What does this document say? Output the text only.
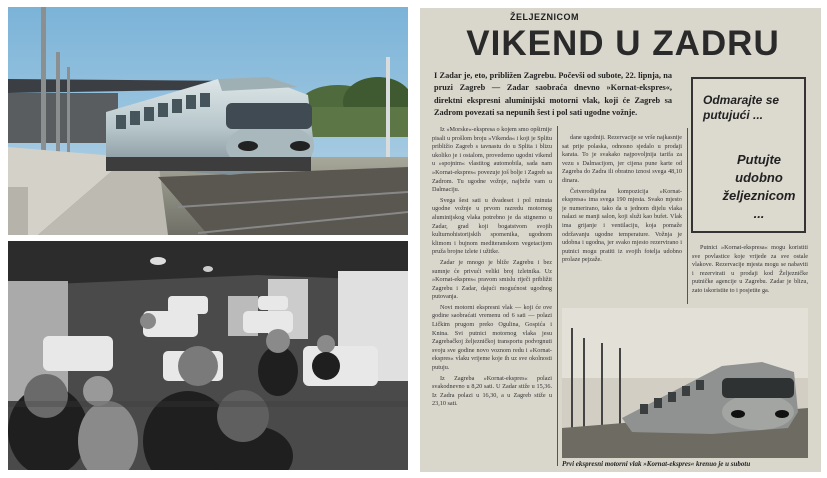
ŽELJEZNICOM
VIKEND U ZADRU
I Zadar je, eto, približen Zagrebu. Počevši od subote, 22. lipnja, na pruzi Zagreb — Zadar saobraća dnevno »Kornat-ekspres«, direktni ekspresni aluminijski motorni vlak, koji će Zagreb sa Zadrom povezati sa nepunih šest i pol sati ugodne vožnje.
Odmarajte se putujući ...
Putujte udobno željeznicom ...

Iz »Morske«-ekspresa o kojem smo opširnije pisali u prošlom broju »Vikenda« i koji je Splitu približio Zagreb s tavnastu do u Splita i blizu ukoliko je i ostalom, provedemo ugodni vikend u »spojnim« vlastitog automobila, sada nam »Kornat-ekspres« povezuje još bolje i Zagreb sa Zadrom. Tu ugodne vožnje, najbrže vam u Dalmaciju.

Svega šest sati u dvadeset i pol minuta ugodne vožnje u prvom razredu motornog aluminijskog vlaka potrebno je da stignemo u Zadar, grad koji bogatstvom svojih kulturnohistorijskih spomenika, ugodnom klimom i bujnom mediteranskom vegetacijom pruža brojne izlete i užitke.

Zadar je mnogo je bliže Zagrebu i bez sumnje će privući veliki broj izletnika. Uz »Kornat-ekspres« pravom smislu riječi približit Zagrebu i Zadar, dajući mogućnost ugodnog putovanja.

Novi motorni ekspresni vlak — koji će ove godine saobraćati vremenu od 6 sati — polazi Ličkim prugom preko Ogulina, Gospića i Knina. Svi putnici motornog vlaka jesu Zagrebačkoj željezničkoj transportu podvrgnuti svoju sve godine novo voznom redu i »Kornat-ekspres« vlaku vrijeme koje ih uz sve okolnosti putuju.

Iz Zagreba »Kornat-ekspres« polazi svakodnevno u 8,20 sati. U Zadar stiže u 15,36. Iz Zadra polazi u 16,30, a u Zagreb stiže u 23,10 sati.

dane ugodniji. Rezervacije se vrše najkasnije sat prije polaska, odnosno sjedalo u prodaji karata. To je svakako najpovoljnija tarifa za vezu s Dalmacijom, jer cijena pune karte od Zagreba do Zadra ili obratno iznosi svega 48,10 dinara.

Četverodijelna kompozicija »Kornat-ekspresa« ima svega 190 mjesta. Svako mjesto je numerirano, tako da u jednom dijelu vlaka nalazi se manji salon, koji služi kao bufet. Vlak ima grijanje i ventilaciju, koja pomaže održavanju ugodne temperature. Vožnja je udobna i ugodna, jer svako mjesto rezervirano i putnici mogu pratiti iz svojih fotelja udobno prolaze pejzaže.

Putnici »Kornat-ekspresa« mogu koristiti sve povlastice koje vrijede za sve ostale vlakove. Rezervacije mjesta mogu se nabaviti i rezervirati u prodaji kod Željezničke putničke agencije u Zagrebu. Zadar je blizu, zato iskoristite to i posjetite ga.

Prvi ekspresni motorni vlak »Kornat-ekspres« krenuo je u subotu
